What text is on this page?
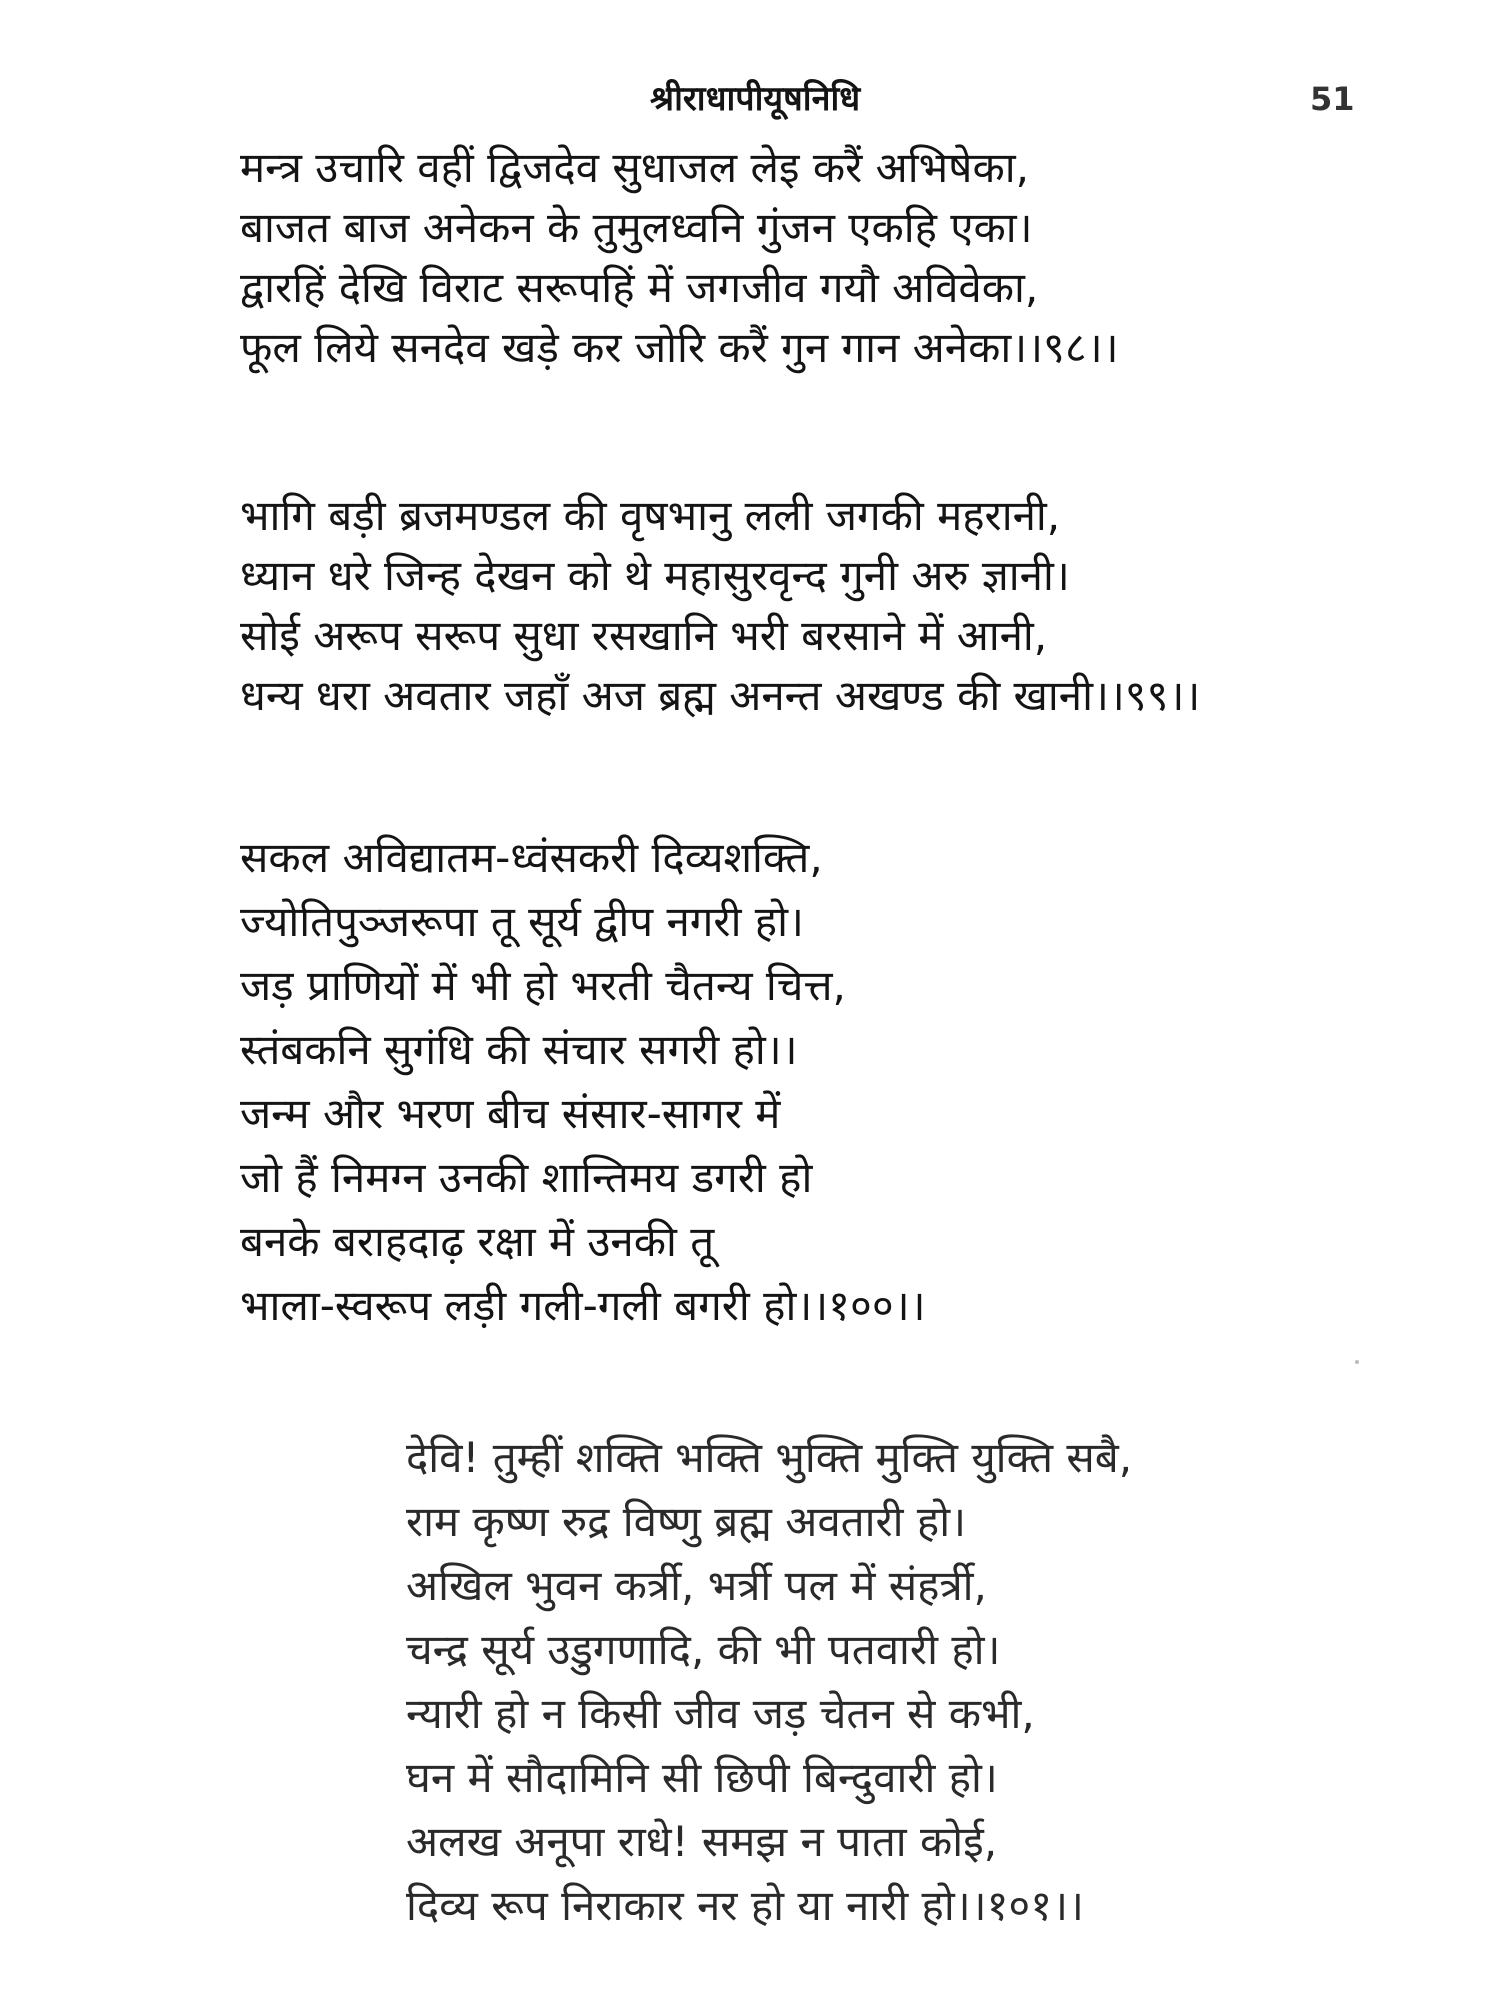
श्रीराधापीयूषनिधि	51
मन्त्र उचारि वहीं द्विजदेव सुधाजल लेइ करैं अभिषेका,
बाजत बाज अनेकन के तुमुलध्वनि गुंजन एकहि एका।
द्वारहिं देखि विराट सरूपहिं में जगजीव गयौ अविवेका,
फूल लिये सनदेव खड़े कर जोरि करैं गुन गान अनेका।।९८।।
भागि बड़ी ब्रजमण्डल की वृषभानु लली जगकी महरानी,
ध्यान धरे जिन्ह देखन को थे महासुरवृन्द गुनी अरु ज्ञानी।
सोई अरूप सरूप सुधा रसखानि भरी बरसाने में आनी,
धन्य धरा अवतार जहाँ अज ब्रह्म अनन्त अखण्ड की खानी।।९९।।
सकल अविद्यातम-ध्वंसकरी दिव्यशक्ति,
ज्योतिपुञ्जरूपा तू सूर्य द्वीप नगरी हो।
जड़ प्राणियों में भी हो भरती चैतन्य चित्त,
स्तंबकनि सुगंधि की संचार सगरी हो।।
जन्म और भरण बीच संसार-सागर में
जो हैं निमग्न उनकी शान्तिमय डगरी हो
बनके बराहदाढ़ रक्षा में उनकी तू
भाला-स्वरूप लड़ी गली-गली बगरी हो।।१००।।
देवि! तुम्हीं शक्ति भक्ति भुक्ति मुक्ति युक्ति सबै,
राम कृष्ण रुद्र विष्णु ब्रह्म अवतारी हो।
अखिल भुवन कर्त्री, भर्त्री पल में संहर्त्री,
चन्द्र सूर्य उडुगणादि, की भी पतवारी हो।
न्यारी हो न किसी जीव जड़ चेतन से कभी,
घन में सौदामिनि सी छिपी बिन्दुवारी हो।
अलख अनूपा राधे! समझ न पाता कोई,
दिव्य रूप निराकार नर हो या नारी हो।।१०१।।
